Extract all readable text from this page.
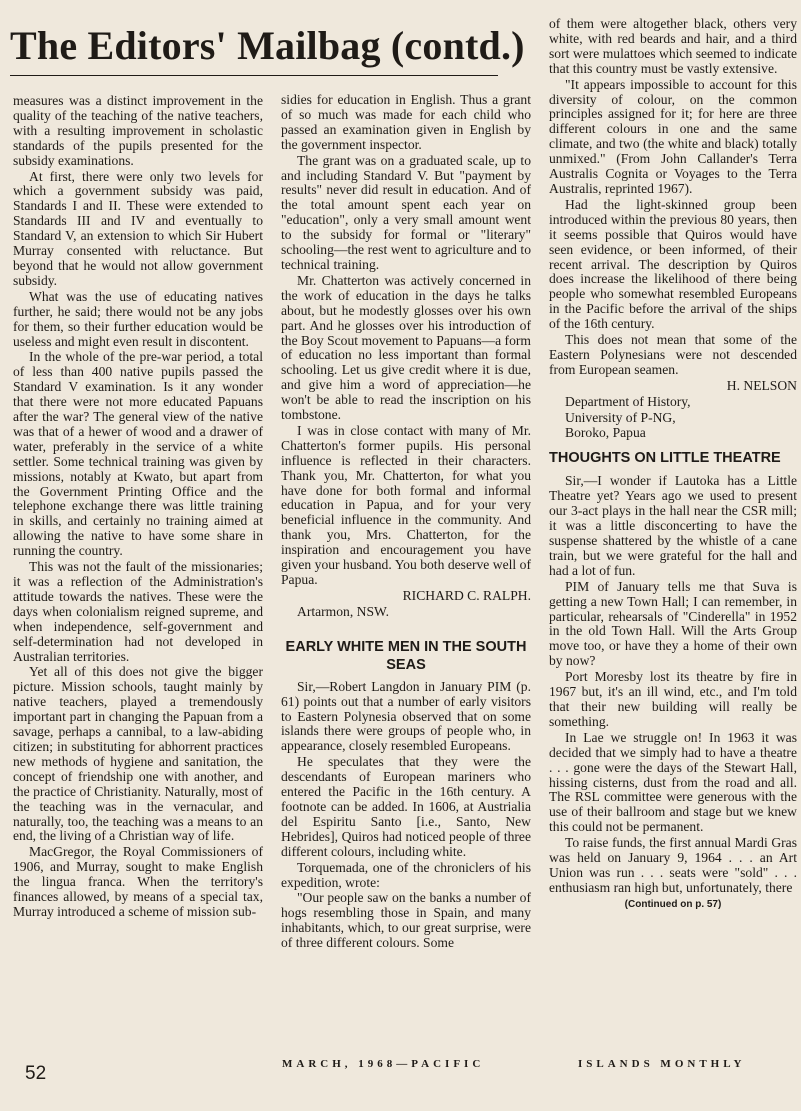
The Editors' Mailbag (contd.)

measures was a distinct improvement in the quality of the teaching of the native teachers, with a resulting improvement in scholastic standards of the pupils presented for the subsidy examinations.

At first, there were only two levels for which a government subsidy was paid, Standards I and II. These were extended to Standards III and IV and eventually to Standard V, an extension to which Sir Hubert Murray consented with reluctance. But beyond that he would not allow government subsidy.

What was the use of educating natives further, he said; there would not be any jobs for them, so their further education would be useless and might even result in discontent.

In the whole of the pre-war period, a total of less than 400 native pupils passed the Standard V examination. Is it any wonder that there were not more educated Papuans after the war? The general view of the native was that of a hewer of wood and a drawer of water, preferably in the service of a white settler. Some technical training was given by missions, notably at Kwato, but apart from the Government Printing Office and the telephone exchange there was little training in skills, and certainly no training aimed at allowing the native to have some share in running the country.

This was not the fault of the missionaries; it was a reflection of the Administration's attitude towards the natives. These were the days when colonialism reigned supreme, and when independence, self-government and self-determination had not developed in Australian territories.

Yet all of this does not give the bigger picture. Mission schools, taught mainly by native teachers, played a tremendously important part in changing the Papuan from a savage, perhaps a cannibal, to a law-abiding citizen; in substituting for abhorrent practices new methods of hygiene and sanitation, the concept of friendship one with another, and the practice of Christianity. Naturally, most of the teaching was in the vernacular, and naturally, too, the teaching was a means to an end, the living of a Christian way of life.

MacGregor, the Royal Commissioners of 1906, and Murray, sought to make English the lingua franca. When the territory's finances allowed, by means of a special tax, Murray introduced a scheme of mission sub-

sidies for education in English. Thus a grant of so much was made for each child who passed an examination given in English by the government inspector.

The grant was on a graduated scale, up to and including Standard V. But "payment by results" never did result in education. And of the total amount spent each year on "education", only a very small amount went to the subsidy for formal or "literary" schooling—the rest went to agriculture and to technical training.

Mr. Chatterton was actively concerned in the work of education in the days he talks about, but he modestly glosses over his own part. And he glosses over his introduction of the Boy Scout movement to Papuans—a form of education no less important than formal schooling. Let us give credit where it is due, and give him a word of appreciation—he won't be able to read the inscription on his tombstone.

I was in close contact with many of Mr. Chatterton's former pupils. His personal influence is reflected in their characters. Thank you, Mr. Chatterton, for what you have done for both formal and informal education in Papua, and for your very beneficial influence in the community. And thank you, Mrs. Chatterton, for the inspiration and encouragement you have given your husband. You both deserve well of Papua.

RICHARD C. RALPH.

Artarmon, NSW.

EARLY WHITE MEN IN THE SOUTH SEAS

Sir,—Robert Langdon in January PIM (p. 61) points out that a number of early visitors to Eastern Polynesia observed that on some islands there were groups of people who, in appearance, closely resembled Europeans.

He speculates that they were the descendants of European mariners who entered the Pacific in the 16th century. A footnote can be added. In 1606, at Austrialia del Espiritu Santo [i.e., Santo, New Hebrides], Quiros had noticed people of three different colours, including white.

Torquemada, one of the chroniclers of his expedition, wrote:

"Our people saw on the banks a number of hogs resembling those in Spain, and many inhabitants, which, to our great surprise, were of three different colours. Some

of them were altogether black, others very white, with red beards and hair, and a third sort were mulattoes which seemed to indicate that this country must be vastly extensive.

"It appears impossible to account for this diversity of colour, on the common principles assigned for it; for here are three different colours in one and the same climate, and two (the white and black) totally unmixed." (From John Callander's Terra Australis Cognita or Voyages to the Terra Australis, reprinted 1967).

Had the light-skinned group been introduced within the previous 80 years, then it seems possible that Quiros would have seen evidence, or been informed, of their recent arrival. The description by Quiros does increase the likelihood of there being people who somewhat resembled Europeans in the Pacific before the arrival of the ships of the 16th century.

This does not mean that some of the Eastern Polynesians were not descended from European seamen.

H. NELSON

Department of History,

University of P-NG,

Boroko, Papua

THOUGHTS ON LITTLE THEATRE

Sir,—I wonder if Lautoka has a Little Theatre yet? Years ago we used to present our 3-act plays in the hall near the CSR mill; it was a little disconcerting to have the suspense shattered by the whistle of a cane train, but we were grateful for the hall and had a lot of fun.

PIM of January tells me that Suva is getting a new Town Hall; I can remember, in particular, rehearsals of "Cinderella" in 1952 in the old Town Hall. Will the Arts Group move too, or have they a home of their own by now?

Port Moresby lost its theatre by fire in 1967 but, it's an ill wind, etc., and I'm told that their new building will really be something.

In Lae we struggle on! In 1963 it was decided that we simply had to have a theatre . . . gone were the days of the Stewart Hall, hissing cisterns, dust from the road and all. The RSL committee were generous with the use of their ballroom and stage but we knew this could not be permanent.

To raise funds, the first annual Mardi Gras was held on January 9, 1964 . . . an Art Union was run . . . seats were "sold" . . . enthusiasm ran high but, unfortunately, there

(Continued on p. 57)
MARCH, 1968—PACIFIC	ISLANDS MONTHLY
52
